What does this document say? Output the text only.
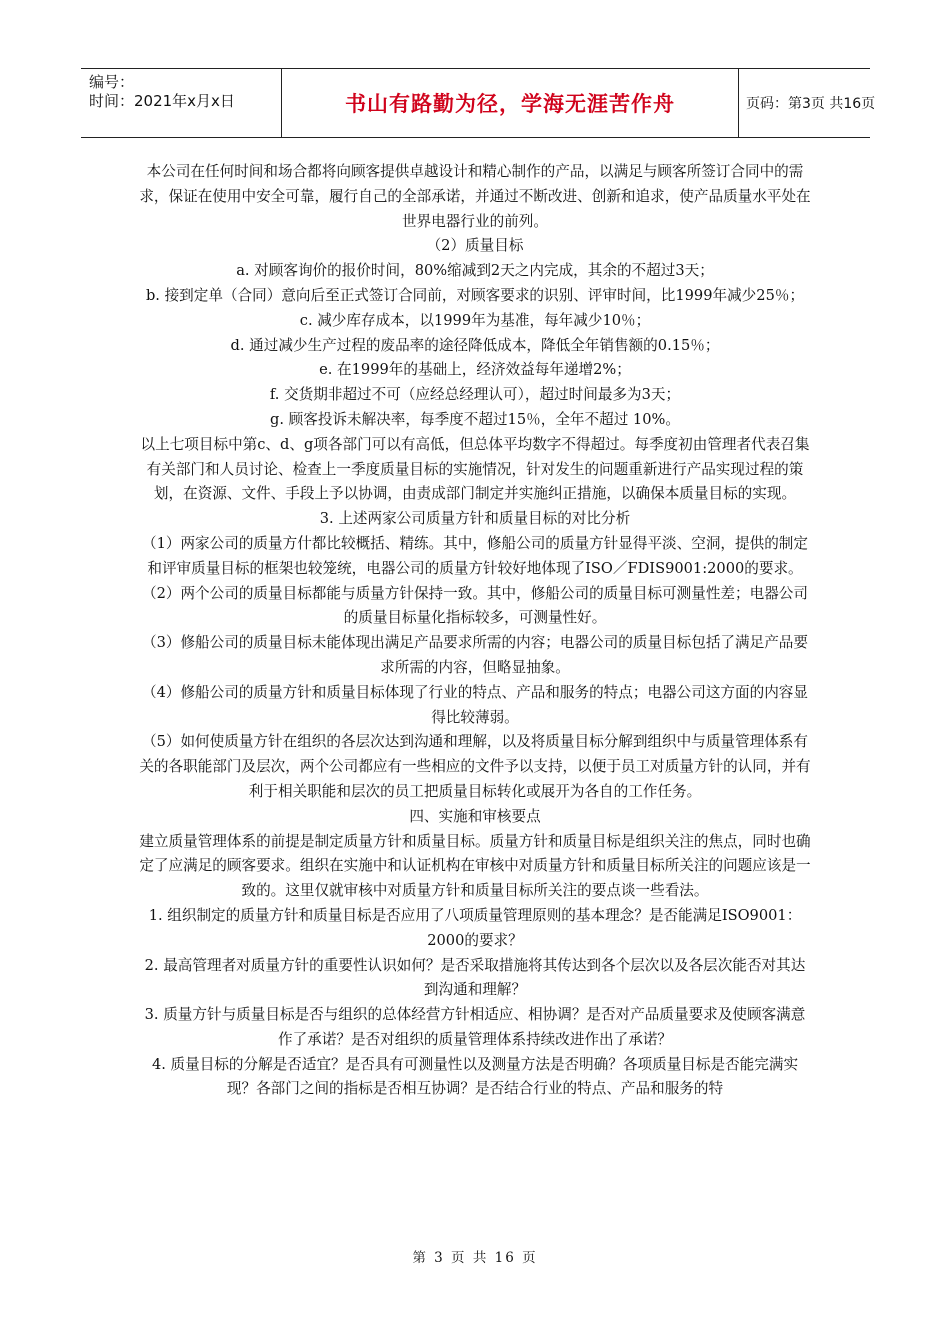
编号：
时间：2021年x月x日	书山有路勤为径，学海无涯苦作舟	页码：第3页 共16页

本公司在任何时间和场合都将向顾客提供卓越设计和精心制作的产品，以满足与顾客所签订合同中的需求，保证在使用中安全可靠，履行自己的全部承诺，并通过不断改进、创新和追求，使产品质量水平处在世界电器行业的前列。

（2）质量目标

a. 对顾客询价的报价时间，80%缩减到2天之内完成，其余的不超过3天；

b. 接到定单（合同）意向后至正式签订合同前，对顾客要求的识别、评审时间，比1999年减少25％；

c. 减少库存成本，以1999年为基准，每年减少10％；

d. 通过减少生产过程的废品率的途径降低成本，降低全年销售额的0.15％；

e. 在1999年的基础上，经济效益每年递增2%；

f. 交货期非超过不可（应经总经理认可），超过时间最多为3天；

g. 顾客投诉未解决率，每季度不超过15％，全年不超过 10%。

以上七项目标中第c、d、g项各部门可以有高低，但总体平均数字不得超过。每季度初由管理者代表召集有关部门和人员讨论、检查上一季度质量目标的实施情况，针对发生的问题重新进行产品实现过程的策划，在资源、文件、手段上予以协调，由责成部门制定并实施纠正措施，以确保本质量目标的实现。

3. 上述两家公司质量方针和质量目标的对比分析

（1）两家公司的质量方什都比较概括、精练。其中，修船公司的质量方针显得平淡、空洞，提供的制定和评审质量目标的框架也较笼统，电器公司的质量方针较好地体现了ISO／FDIS9001:2000的要求。

（2）两个公司的质量目标都能与质量方针保持一致。其中，修船公司的质量目标可测量性差；电器公司的质量目标量化指标较多，可测量性好。

（3）修船公司的质量目标未能体现出满足产品要求所需的内容；电器公司的质量目标包括了满足产品要求所需的内容，但略显抽象。

（4）修船公司的质量方针和质量目标体现了行业的特点、产品和服务的特点；电器公司这方面的内容显得比较薄弱。

（5）如何使质量方针在组织的各层次达到沟通和理解，以及将质量目标分解到组织中与质量管理体系有关的各职能部门及层次，两个公司都应有一些相应的文件予以支持，以便于员工对质量方针的认同，并有利于相关职能和层次的员工把质量目标转化或展开为各自的工作任务。

四、实施和审核要点

建立质量管理体系的前提是制定质量方针和质量目标。质量方针和质量目标是组织关注的焦点，同时也确定了应满足的顾客要求。组织在实施中和认证机构在审核中对质量方针和质量目标所关注的问题应该是一致的。这里仅就审核中对质量方针和质量目标所关注的要点谈一些看法。

1. 组织制定的质量方针和质量目标是否应用了八项质量管理原则的基本理念？是否能满足ISO9001：2000的要求？

2. 最高管理者对质量方针的重要性认识如何？是否采取措施将其传达到各个层次以及各层次能否对其达到沟通和理解？

3. 质量方针与质量目标是否与组织的总体经营方针相适应、相协调？是否对产品质量要求及使顾客满意作了承诺？是否对组织的质量管理体系持续改进作出了承诺？

4. 质量目标的分解是否适宜？是否具有可测量性以及测量方法是否明确？各项质量目标是否能完满实现？各部门之间的指标是否相互协调？是否结合行业的特点、产品和服务的特

第 3 页 共 16 页
